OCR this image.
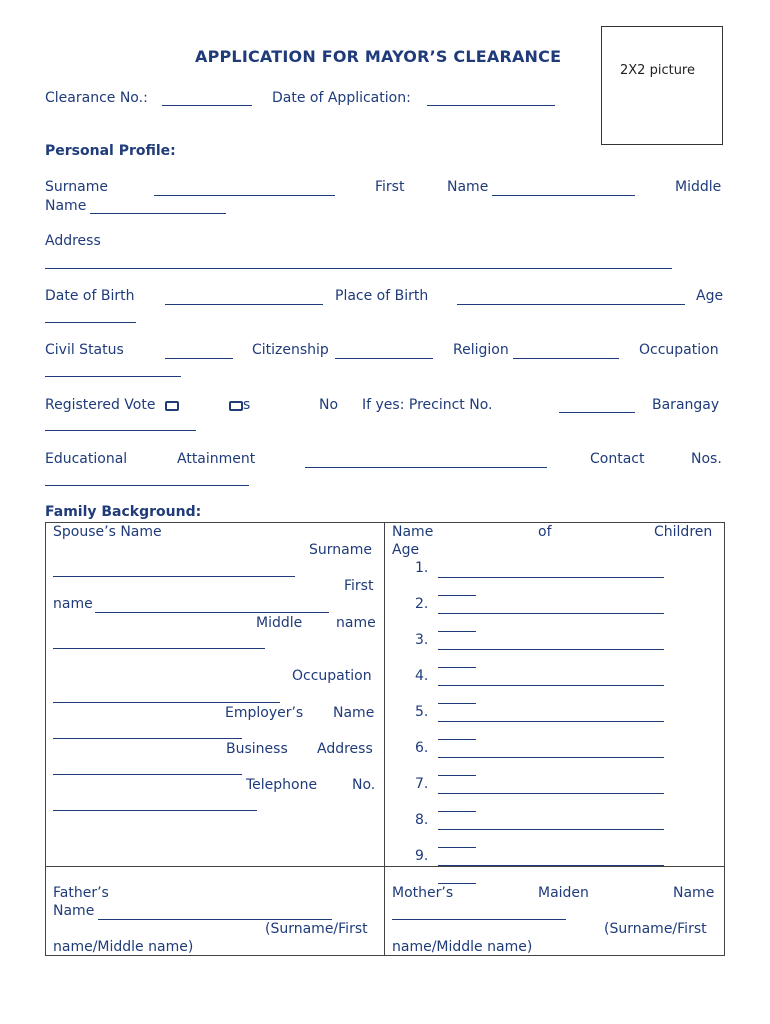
APPLICATION FOR MAYOR’S CLEARANCE
2X2 picture
Clearance No.:	Date of Application:
Personal Profile:
Surname	First	Name	Middle
Name
Address
Date of Birth	Place of Birth	Age
Civil Status	Citizenship	Religion	Occupation
Registered Vote	s	No If yes: Precinct No.	Barangay
Educational	Attainment	Contact	Nos.
Family Background:
Spouse’s Name
Surname
First
name
Middle name
Occupation
Employer’s Name
Business Address
Telephone No.
Name	of	Children
Age
1.
2.
3.
4.
5.
6.
7.
8.
9.
Father’s
Name
(Surname/First
name/Middle name)
Mother’s	Maiden	Name
(Surname/First
name/Middle name)
